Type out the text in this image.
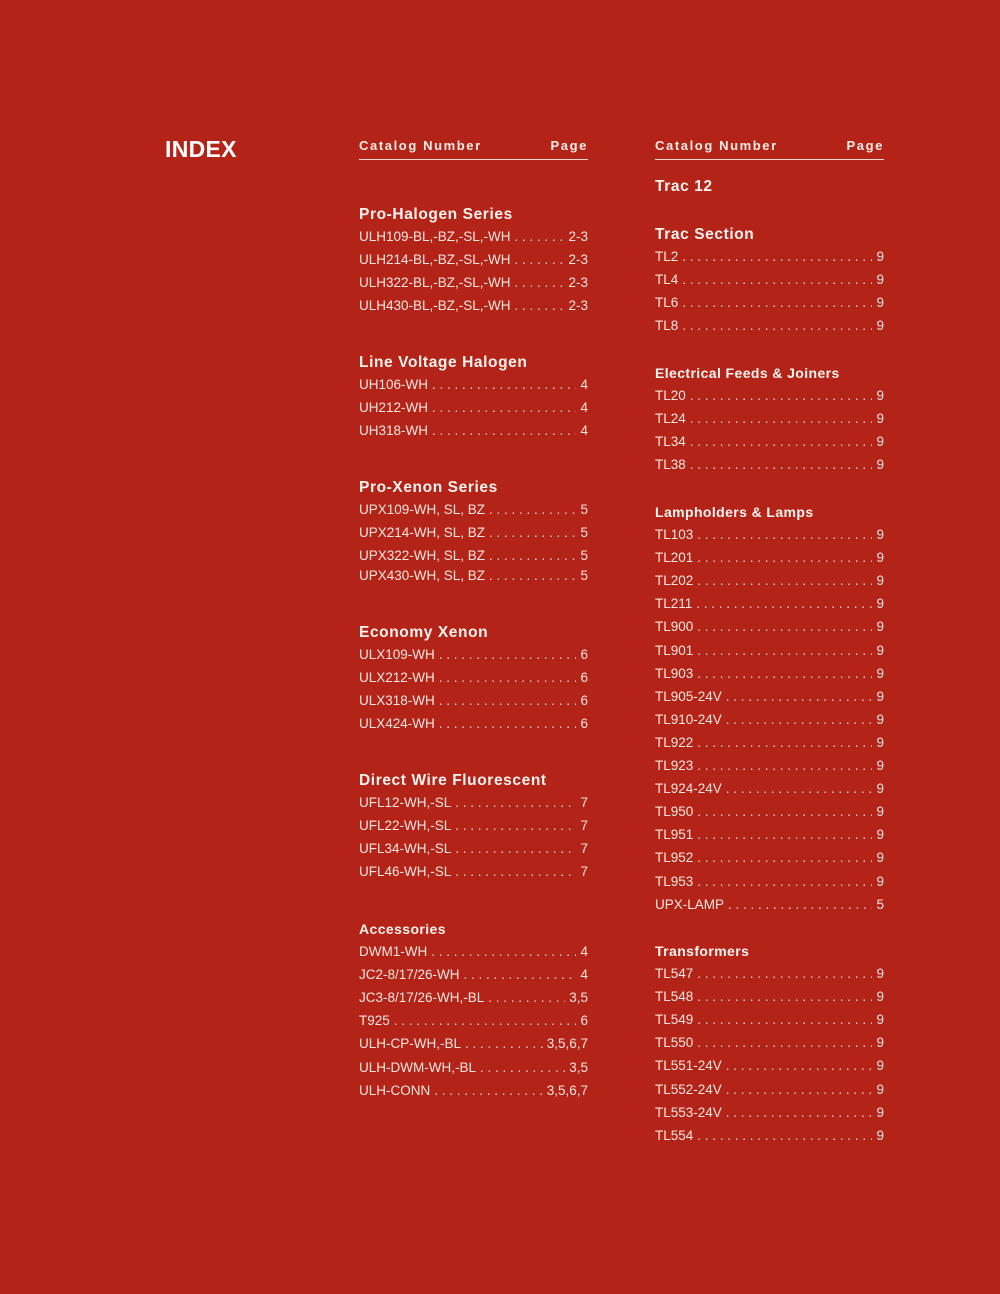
INDEX	Catalog Number	Page
Pro-Halogen Series
ULH109-BL,-BZ,-SL,-WH . . .	2-3
ULH214-BL,-BZ,-SL,-WH . . .	2-3
ULH322-BL,-BZ,-SL,-WH . . .	2-3
ULH430-BL,-BZ,-SL,-WH . . .	2-3
Line Voltage Halogen
UH106-WH . . .	4
UH212-WH . . .	4
UH318-WH . . .	4
Pro-Xenon Series
UPX109-WH, SL, BZ . . .	5
UPX214-WH, SL, BZ . . .	5
UPX322-WH, SL, BZ . . .	5
UPX430-WH, SL, BZ . . .	5
Economy Xenon
ULX109-WH . . .	6
ULX212-WH . . .	6
ULX318-WH . . .	6
ULX424-WH . . .	6
Direct Wire Fluorescent
UFL12-WH,-SL . . .	7
UFL22-WH,-SL . . .	7
UFL34-WH,-SL . . .	7
UFL46-WH,-SL . . .	7
Accessories
DWM1-WH . . .	4
JC2-8/17/26-WH . . .	4
JC3-8/17/26-WH,-BL . . .	3,5
T925 . . .	6
ULH-CP-WH,-BL . . .	3,5,6,7
ULH-DWM-WH,-BL . . .	3,5
ULH-CONN . . .	3,5,6,7
Catalog Number	Page
Trac 12
Trac Section
TL2 . . .	9
TL4 . . .	9
TL6 . . .	9
TL8 . . .	9
Electrical Feeds & Joiners
TL20 . . .	9
TL24 . . .	9
TL34 . . .	9
TL38 . . .	9
Lampholders & Lamps
TL103 . . .	9
TL201 . . .	9
TL202 . . .	9
TL211 . . .	9
TL900 . . .	9
TL901 . . .	9
TL903 . . .	9
TL905-24V . . .	9
TL910-24V . . .	9
TL922 . . .	9
TL923 . . .	9
TL924-24V . . .	9
TL950 . . .	9
TL951 . . .	9
TL952 . . .	9
TL953 . . .	9
UPX-LAMP . . .	5
Transformers
TL547 . . .	9
TL548 . . .	9
TL549 . . .	9
TL550 . . .	9
TL551-24V . . .	9
TL552-24V . . .	9
TL553-24V . . .	9
TL554 . . .	9
